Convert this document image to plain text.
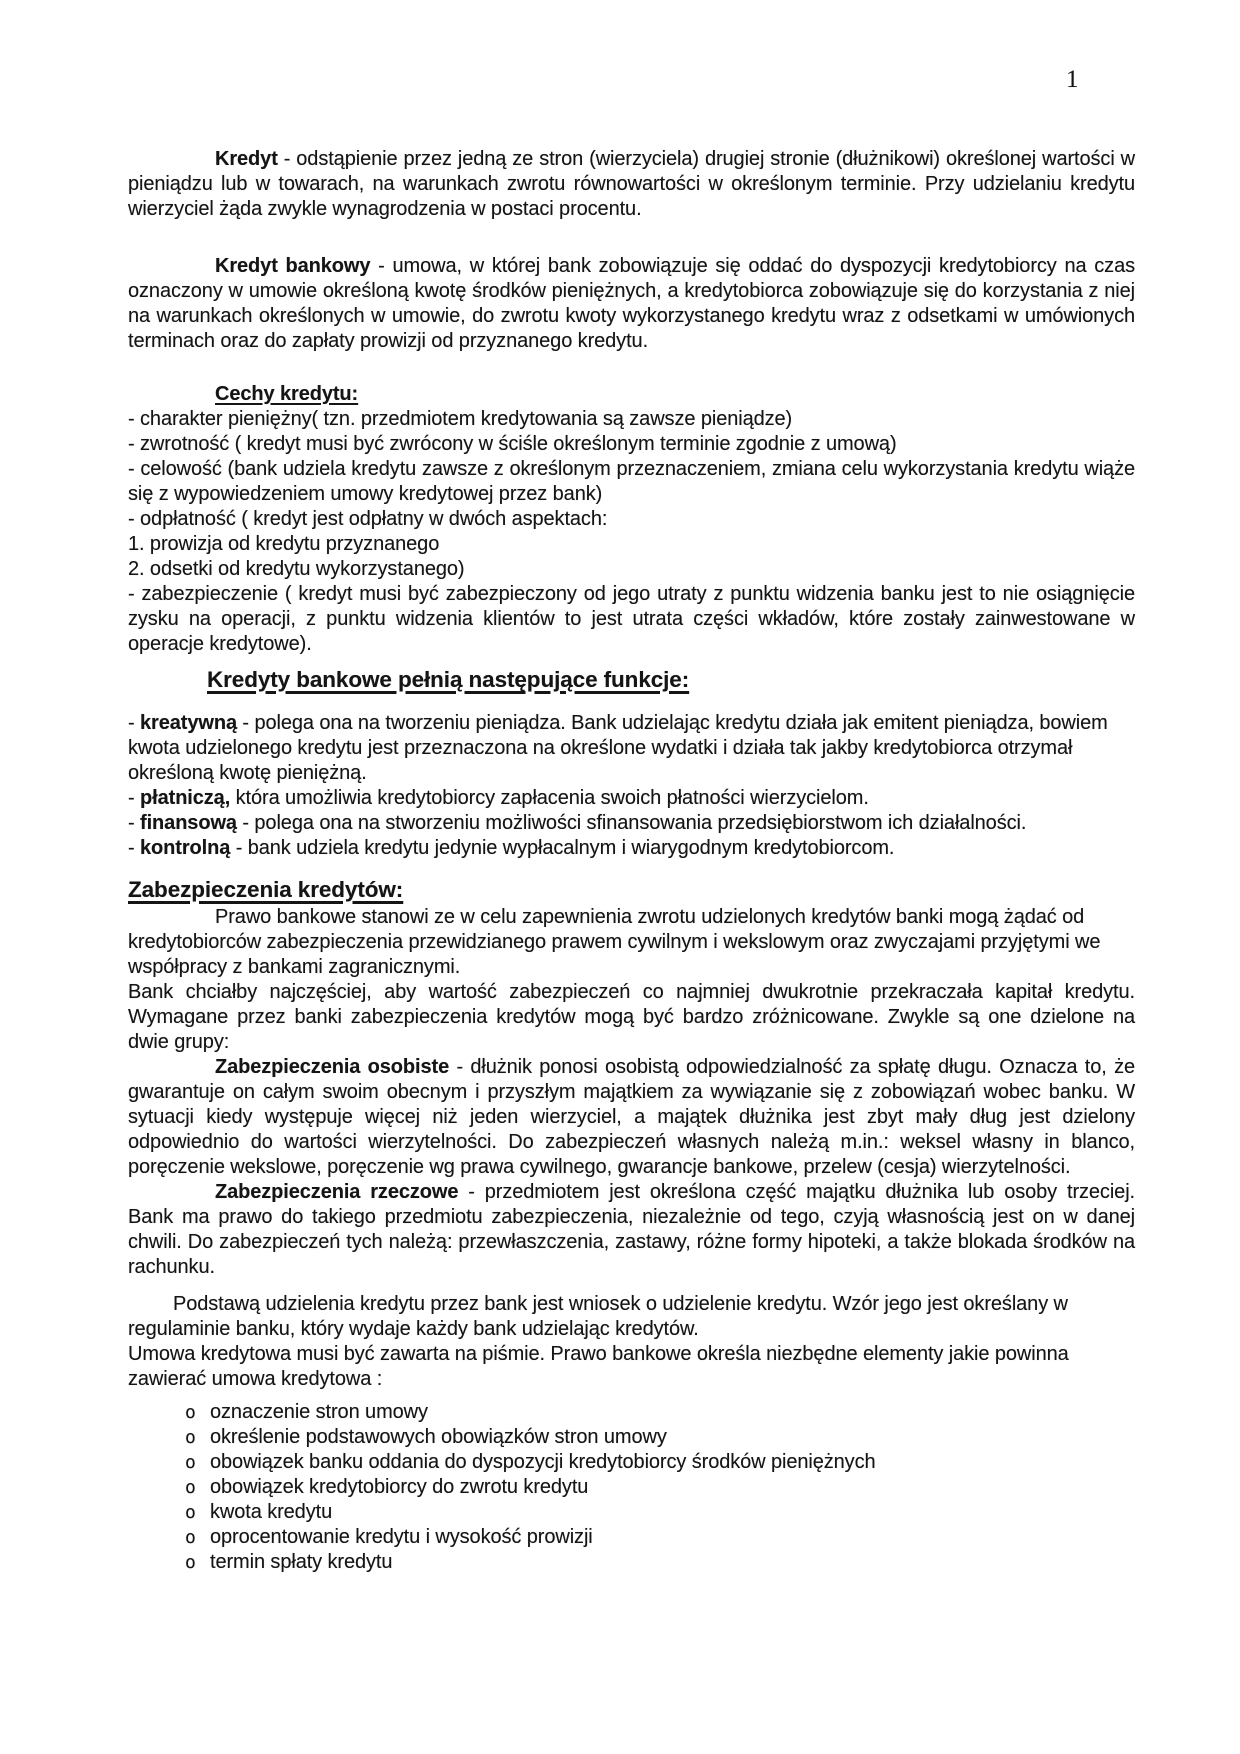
1

Kredyt - odstąpienie przez jedną ze stron (wierzyciela) drugiej stronie (dłużnikowi) określonej wartości w pieniądzu lub w towarach, na warunkach zwrotu równowartości w określonym terminie. Przy udzielaniu kredytu wierzyciel żąda zwykle wynagrodzenia w postaci procentu.

Kredyt bankowy - umowa, w której bank zobowiązuje się oddać do dyspozycji kredytobiorcy na czas oznaczony w umowie określoną kwotę środków pieniężnych, a kredytobiorca zobowiązuje się do korzystania z niej na warunkach określonych w umowie, do zwrotu kwoty wykorzystanego kredytu wraz z odsetkami w umówionych terminach oraz do zapłaty prowizji od przyznanego kredytu.

Cechy kredytu:

- charakter pieniężny( tzn. przedmiotem kredytowania są zawsze pieniądze)

- zwrotność ( kredyt musi być zwrócony w ściśle określonym terminie zgodnie z umową)

- celowość (bank udziela kredytu zawsze z określonym przeznaczeniem, zmiana celu wykorzystania kredytu wiąże się z wypowiedzeniem umowy kredytowej przez bank)

- odpłatność ( kredyt jest odpłatny w dwóch aspektach:

1. prowizja od kredytu przyznanego

2. odsetki od kredytu wykorzystanego)

- zabezpieczenie ( kredyt musi być zabezpieczony od jego utraty z punktu widzenia banku jest to nie osiągnięcie zysku na operacji, z punktu widzenia klientów to jest utrata części wkładów, które zostały zainwestowane w operacje kredytowe).

Kredyty bankowe pełnią następujące funkcje:

- kreatywną - polega ona na tworzeniu pieniądza. Bank udzielając kredytu działa jak emitent pieniądza, bowiem kwota udzielonego kredytu jest przeznaczona na określone wydatki i działa tak jakby kredytobiorca otrzymał określoną kwotę pieniężną.

- płatniczą, która umożliwia kredytobiorcy zapłacenia swoich płatności wierzycielom.

- finansową - polega ona na stworzeniu możliwości sfinansowania przedsiębiorstwom ich działalności.

- kontrolną - bank udziela kredytu jedynie wypłacalnym i wiarygodnym kredytobiorcom.

Zabezpieczenia kredytów:

Prawo bankowe stanowi ze w celu zapewnienia zwrotu udzielonych kredytów banki mogą żądać od kredytobiorców zabezpieczenia przewidzianego prawem cywilnym i wekslowym oraz zwyczajami przyjętymi we współpracy z bankami zagranicznymi.

Bank chciałby najczęściej, aby wartość zabezpieczeń co najmniej dwukrotnie przekraczała kapitał kredytu. Wymagane przez banki zabezpieczenia kredytów mogą być bardzo zróżnicowane. Zwykle są one dzielone na dwie grupy:

Zabezpieczenia osobiste - dłużnik ponosi osobistą odpowiedzialność za spłatę długu. Oznacza to, że gwarantuje on całym swoim obecnym i przyszłym majątkiem za wywiązanie się z zobowiązań wobec banku. W sytuacji kiedy występuje więcej niż jeden wierzyciel, a majątek dłużnika jest zbyt mały dług jest dzielony odpowiednio do wartości wierzytelności. Do zabezpieczeń własnych należą m.in.: weksel własny in blanco, poręczenie wekslowe, poręczenie wg prawa cywilnego, gwarancje bankowe, przelew (cesja) wierzytelności.

Zabezpieczenia rzeczowe - przedmiotem jest określona część majątku dłużnika lub osoby trzeciej. Bank ma prawo do takiego przedmiotu zabezpieczenia, niezależnie od tego, czyją własnością jest on w danej chwili. Do zabezpieczeń tych należą: przewłaszczenia, zastawy, różne formy hipoteki, a także blokada środków na rachunku.

Podstawą udzielenia kredytu przez bank jest wniosek o udzielenie kredytu. Wzór jego jest określany w regulaminie banku, który wydaje każdy bank udzielając kredytów.

Umowa kredytowa musi być zawarta na piśmie. Prawo bankowe określa niezbędne elementy jakie powinna zawierać umowa kredytowa :

o oznaczenie stron umowy
o określenie podstawowych obowiązków stron umowy
o obowiązek banku oddania do dyspozycji kredytobiorcy środków pieniężnych
o obowiązek kredytobiorcy do zwrotu kredytu
o kwota kredytu
o oprocentowanie kredytu i wysokość prowizji
o termin spłaty kredytu
